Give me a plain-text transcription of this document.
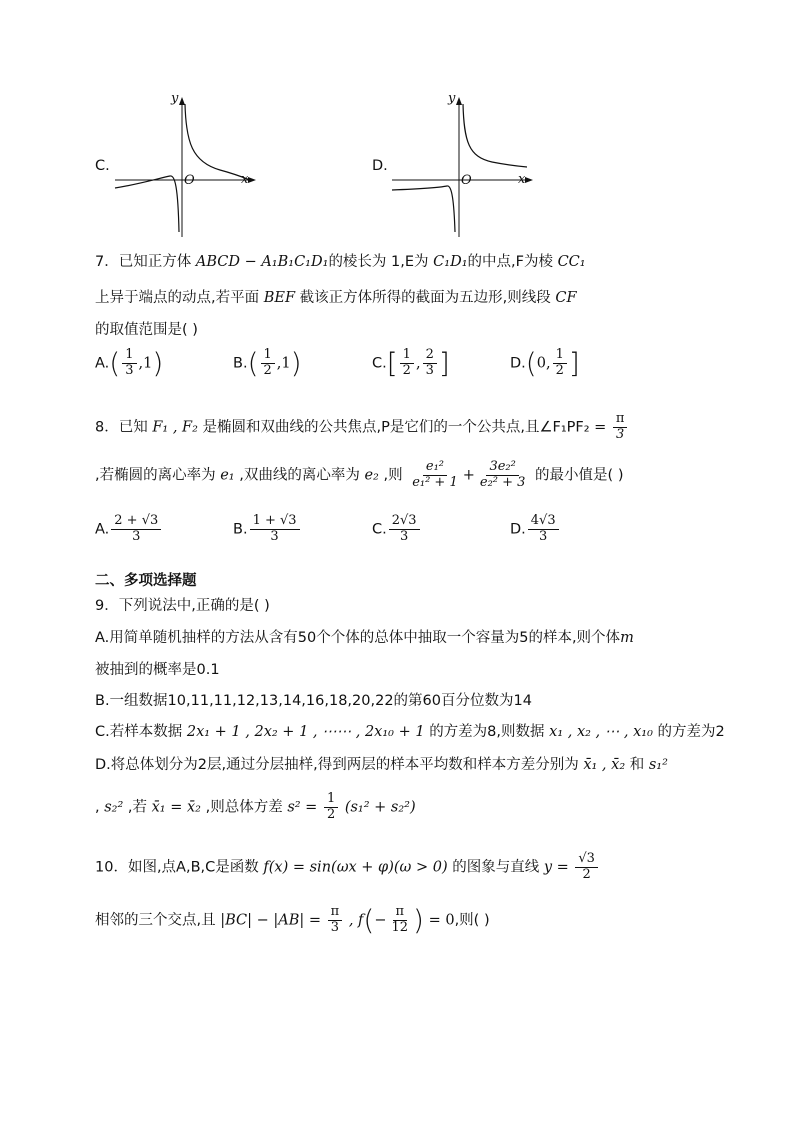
C.
y
x
O
D.
y
x
O
7．已知正方体 ABCD − A₁B₁C₁D₁的棱长为 1,E为 C₁D₁的中点,F为棱 CC₁
上异于端点的动点,若平面 BEF 截该正方体所得的截面为五边形,则线段 CF
的取值范围是( )
$A.( \frac{1}{3} ,1)$	$B.( \frac{1}{2} ,1)$	$C.[ \frac{1}{2}$ , $\frac{2}{3}$ ]	D.(0, $\frac{1}{2}$ ]
8．已知 F₁ , F₂ 是椭圆和双曲线的公共焦点,P是它们的一个公共点,且∠F₁PF₂ = $\frac{\pi}{3}$
,若椭圆的离心率为 e₁ ,双曲线的离心率为 e₂ ,则 $\frac{\text{e₁²}}{\text{e₁² + 1}} + \frac{\text{3e₂²}}{\text{e₂² + 3}}$ 的最小值是( )
A. $\frac{2 + √3}{3}$	B. $\frac{1 + √3}{3}$	C. $\frac{2√3}{3}$	D. $\frac{4√3}{3}$
二、多项选择题
9．下列说法中,正确的是( )
A.用简单随机抽样的方法从含有50个个体的总体中抽取一个容量为5的样本,则个体m
被抽到的概率是0.1
B.一组数据10,11,11,12,13,14,16,18,20,22的第60百分位数为14
C.若样本数据 2x₁ + 1 , 2x₂ + 1 , ⋯⋯ , 2x₁₀ + 1 的方差为8,则数据 x₁ , x₂ , ⋯ , x₁₀ 的方差为2
D.将总体划分为2层,通过分层抽样,得到两层的样本平均数和样本方差分别为 x̄₁ , x̄₂ 和 s₁²
, s₂² ,若 x̄₁ = x̄₂ ,则总体方差 $s^2 = \frac{1}{2} (s_1^2 + s_2^2)$
10．如图,点A,B,C是函数 f(x) = sin(ωx + φ)(ω > 0) 的图象与直线 $y = \frac{√3}{2}$
相邻的三个交点,且 $|BC| - |AB| = \frac{\pi}{3}$ , $f(- \frac{\pi}{12}$ ) = 0,则( )
